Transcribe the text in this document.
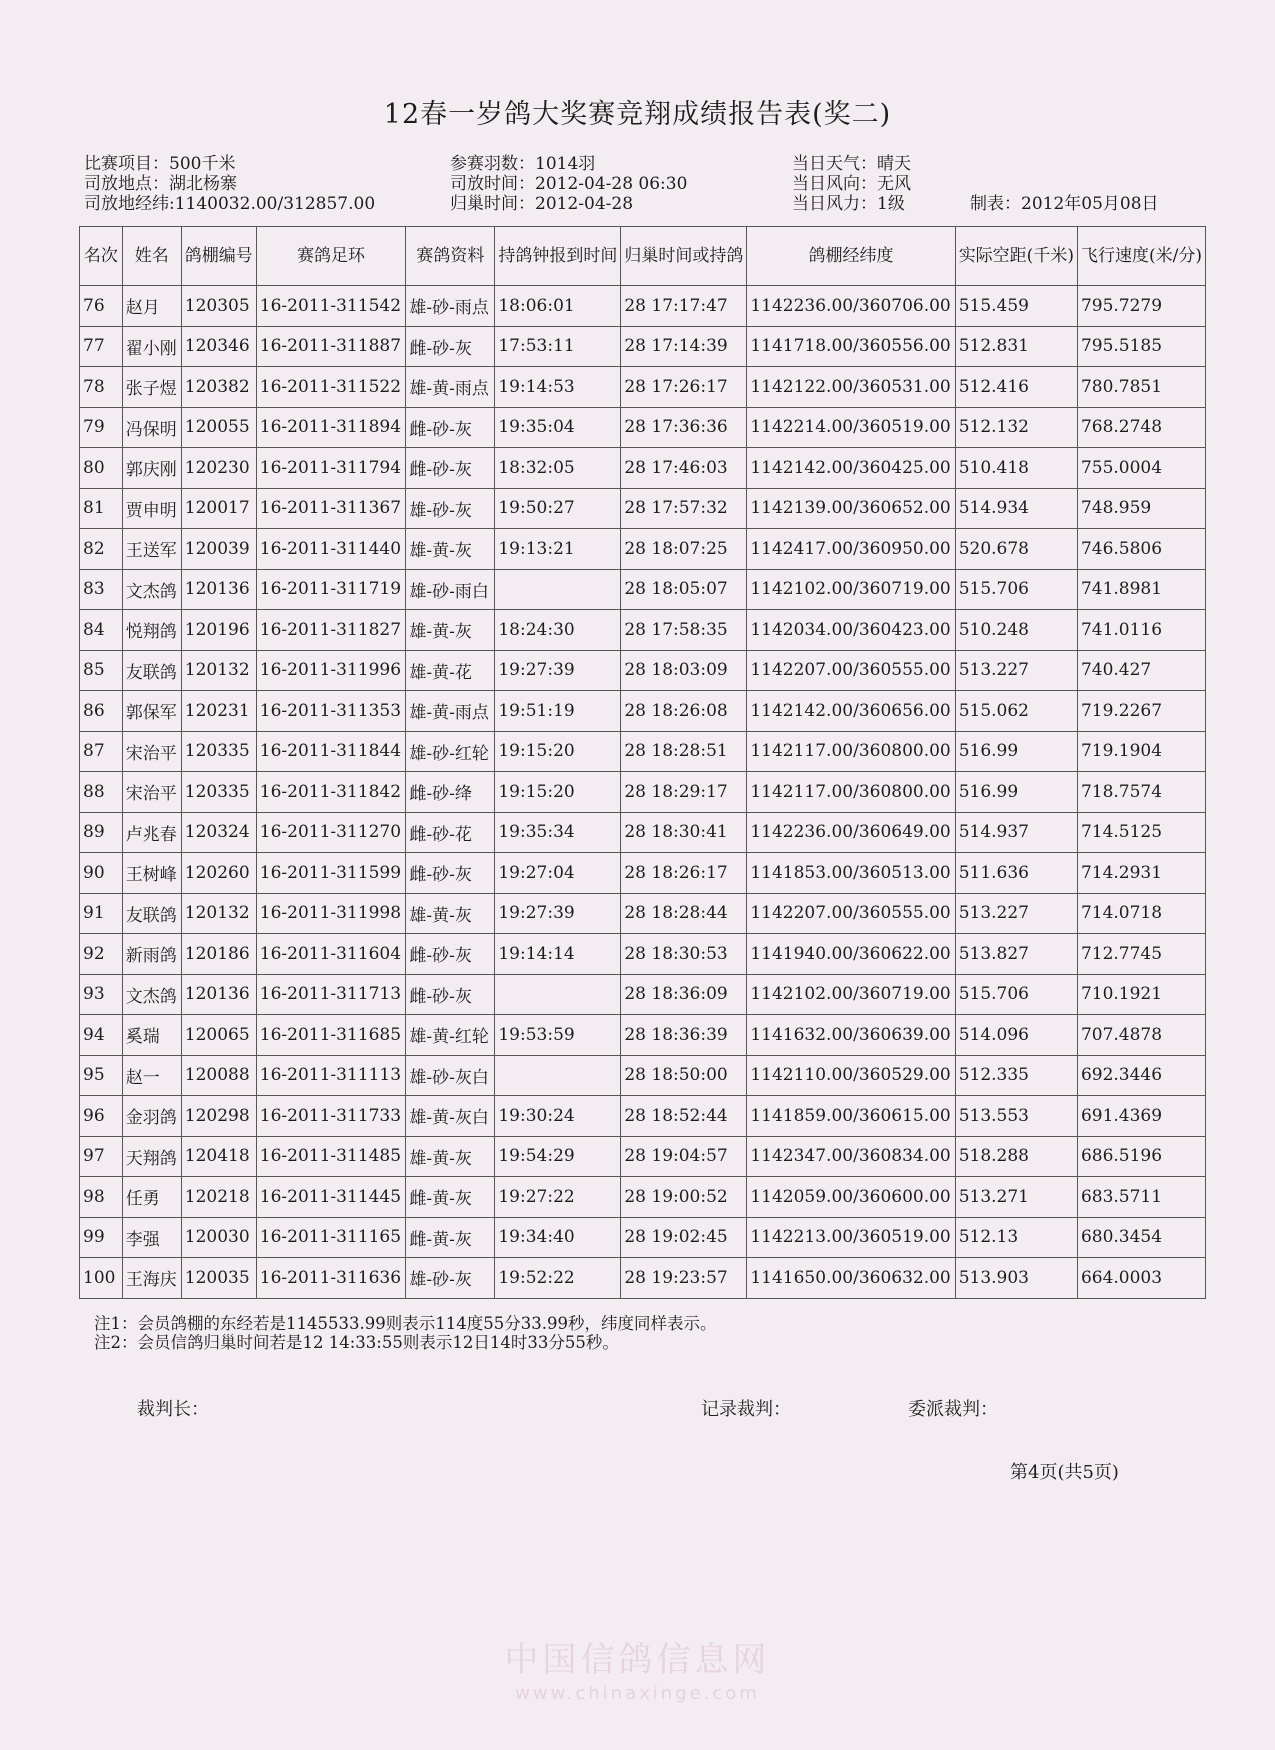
12春一岁鸽大奖赛竞翔成绩报告表(奖二)
比赛项目：500千米
司放地点：湖北杨寨
司放地经纬:1140032.00/312857.00
参赛羽数：1014羽
司放时间：2012-04-28 06:30
归巢时间：2012-04-28
当日天气：晴天
当日风向：无风
当日风力：1级	制表：2012年05月08日
名次	姓名	鸽棚编号	赛鸽足环	赛鸽资料	持鸽钟报到时间	归巢时间或持鸽	鸽棚经纬度	实际空距(千米)	飞行速度(米/分)
76	赵月	120305	16-2011-311542	雄-砂-雨点	18:06:01	28 17:17:47	1142236.00/360706.00	515.459	795.7279
77	翟小刚	120346	16-2011-311887	雌-砂-灰	17:53:11	28 17:14:39	1141718.00/360556.00	512.831	795.5185
78	张子煜	120382	16-2011-311522	雄-黄-雨点	19:14:53	28 17:26:17	1142122.00/360531.00	512.416	780.7851
79	冯保明	120055	16-2011-311894	雌-砂-灰	19:35:04	28 17:36:36	1142214.00/360519.00	512.132	768.2748
80	郭庆刚	120230	16-2011-311794	雌-砂-灰	18:32:05	28 17:46:03	1142142.00/360425.00	510.418	755.0004
81	贾申明	120017	16-2011-311367	雄-砂-灰	19:50:27	28 17:57:32	1142139.00/360652.00	514.934	748.959
82	王送军	120039	16-2011-311440	雄-黄-灰	19:13:21	28 18:07:25	1142417.00/360950.00	520.678	746.5806
83	文杰鸽	120136	16-2011-311719	雄-砂-雨白		28 18:05:07	1142102.00/360719.00	515.706	741.8981
84	悦翔鸽	120196	16-2011-311827	雄-黄-灰	18:24:30	28 17:58:35	1142034.00/360423.00	510.248	741.0116
85	友联鸽	120132	16-2011-311996	雄-黄-花	19:27:39	28 18:03:09	1142207.00/360555.00	513.227	740.427
86	郭保军	120231	16-2011-311353	雄-黄-雨点	19:51:19	28 18:26:08	1142142.00/360656.00	515.062	719.2267
87	宋治平	120335	16-2011-311844	雄-砂-红轮	19:15:20	28 18:28:51	1142117.00/360800.00	516.99	719.1904
88	宋治平	120335	16-2011-311842	雌-砂-绛	19:15:20	28 18:29:17	1142117.00/360800.00	516.99	718.7574
89	卢兆春	120324	16-2011-311270	雌-砂-花	19:35:34	28 18:30:41	1142236.00/360649.00	514.937	714.5125
90	王树峰	120260	16-2011-311599	雌-砂-灰	19:27:04	28 18:26:17	1141853.00/360513.00	511.636	714.2931
91	友联鸽	120132	16-2011-311998	雄-黄-灰	19:27:39	28 18:28:44	1142207.00/360555.00	513.227	714.0718
92	新雨鸽	120186	16-2011-311604	雌-砂-灰	19:14:14	28 18:30:53	1141940.00/360622.00	513.827	712.7745
93	文杰鸽	120136	16-2011-311713	雌-砂-灰		28 18:36:09	1142102.00/360719.00	515.706	710.1921
94	奚瑞	120065	16-2011-311685	雄-黄-红轮	19:53:59	28 18:36:39	1141632.00/360639.00	514.096	707.4878
95	赵一	120088	16-2011-311113	雄-砂-灰白		28 18:50:00	1142110.00/360529.00	512.335	692.3446
96	金羽鸽	120298	16-2011-311733	雄-黄-灰白	19:30:24	28 18:52:44	1141859.00/360615.00	513.553	691.4369
97	天翔鸽	120418	16-2011-311485	雄-黄-灰	19:54:29	28 19:04:57	1142347.00/360834.00	518.288	686.5196
98	任勇	120218	16-2011-311445	雌-黄-灰	19:27:22	28 19:00:52	1142059.00/360600.00	513.271	683.5711
99	李强	120030	16-2011-311165	雌-黄-灰	19:34:40	28 19:02:45	1142213.00/360519.00	512.13	680.3454
100	王海庆	120035	16-2011-311636	雄-砂-灰	19:52:22	28 19:23:57	1141650.00/360632.00	513.903	664.0003
注1：会员鸽棚的东经若是1145533.99则表示114度55分33.99秒，纬度同样表示。
注2：会员信鸽归巢时间若是12 14:33:55则表示12日14时33分55秒。
裁判长：	记录裁判：	委派裁判：
第4页(共5页)
中国信鸽信息网
www.chinaxinge.com
